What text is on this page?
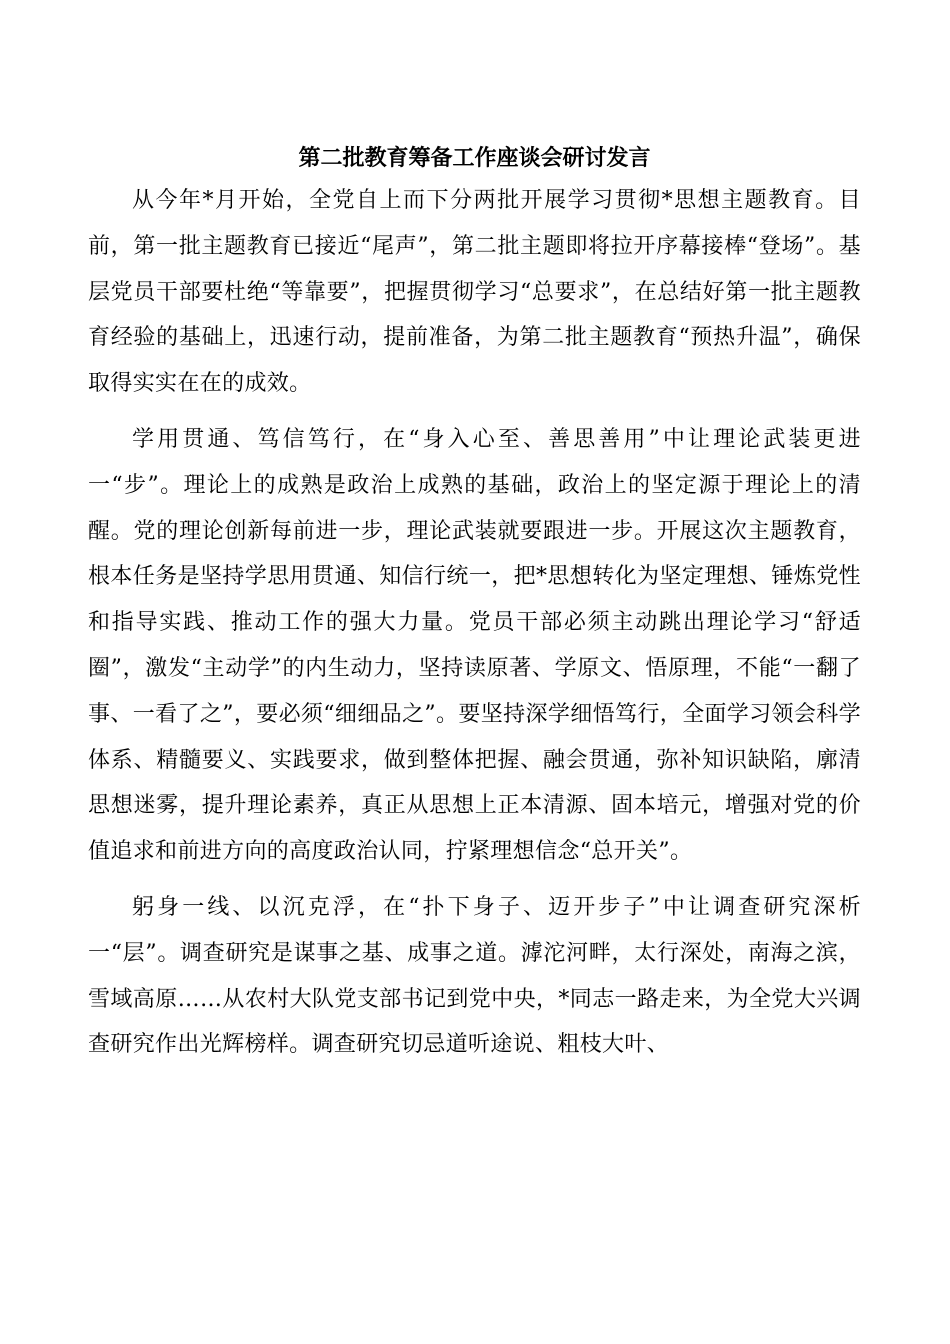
第二批教育筹备工作座谈会研讨发言

从今年*月开始，全党自上而下分两批开展学习贯彻*思想主题教育。目前，第一批主题教育已接近“尾声”，第二批主题即将拉开序幕接棒“登场”。基层党员干部要杜绝“等靠要”，把握贯彻学习“总要求”，在总结好第一批主题教育经验的基础上，迅速行动，提前准备，为第二批主题教育“预热升温”，确保取得实实在在的成效。

学用贯通、笃信笃行，在“身入心至、善思善用”中让理论武装更进一“步”。理论上的成熟是政治上成熟的基础，政治上的坚定源于理论上的清醒。党的理论创新每前进一步，理论武装就要跟进一步。开展这次主题教育，根本任务是坚持学思用贯通、知信行统一，把*思想转化为坚定理想、锤炼党性和指导实践、推动工作的强大力量。党员干部必须主动跳出理论学习“舒适圈”，激发“主动学”的内生动力，坚持读原著、学原文、悟原理，不能“一翻了事、一看了之”，要必须“细细品之”。要坚持深学细悟笃行，全面学习领会科学体系、精髓要义、实践要求，做到整体把握、融会贯通，弥补知识缺陷，廓清思想迷雾，提升理论素养，真正从思想上正本清源、固本培元，增强对党的价值追求和前进方向的高度政治认同，拧紧理想信念“总开关”。

躬身一线、以沉克浮，在“扑下身子、迈开步子”中让调查研究深析一“层”。调查研究是谋事之基、成事之道。滹沱河畔，太行深处，南海之滨，雪域高原……从农村大队党支部书记到党中央，*同志一路走来，为全党大兴调查研究作出光辉榜样。调查研究切忌道听途说、粗枝大叶、
